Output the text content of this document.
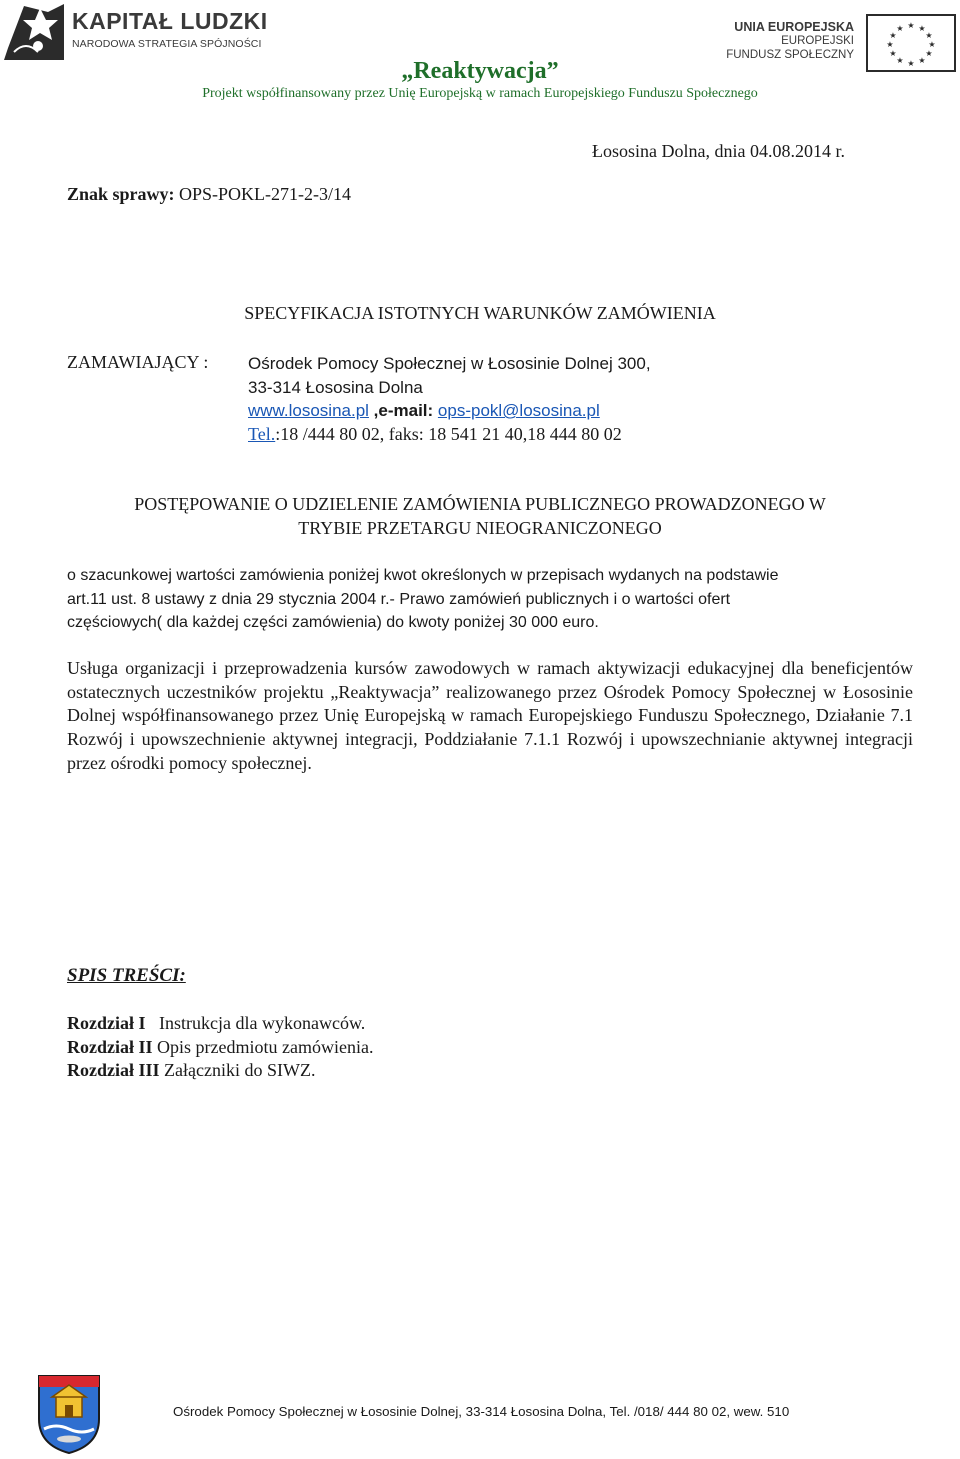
KAPITAŁ LUDZKI
NARODOWA STRATEGIA SPÓJNOŚCI
UNIA EUROPEJSKA
EUROPEJSKI
FUNDUSZ SPOŁECZNY
★ ★
★
★
★
★
★
★
★
★
★
★
„Reaktywacja”
Projekt współfinansowany przez Unię Europejską w ramach Europejskiego Funduszu Społecznego
Łososina Dolna, dnia 04.08.2014 r.
Znak sprawy: OPS-POKL-271-2-3/14
SPECYFIKACJA ISTOTNYCH WARUNKÓW ZAMÓWIENIA
ZAMAWIAJĄCY : Ośrodek Pomocy Społecznej w Łososinie Dolnej 300,
33-314 Łososina Dolna
www.lososina.pl ,e-mail: ops-pokl@lososina.pl
Tel.:18 /444 80 02, faks: 18 541 21 40,18 444 80 02
POSTĘPOWANIE O UDZIELENIE ZAMÓWIENIA PUBLICZNEGO PROWADZONEGO W
TRYBIE PRZETARGU NIEOGRANICZONEGO
o szacunkowej wartości zamówienia poniżej kwot określonych w przepisach wydanych na podstawie
art.11 ust. 8 ustawy z dnia 29 stycznia 2004 r.- Prawo zamówień publicznych i o wartości ofert
częściowych( dla każdej części zamówienia) do kwoty poniżej 30 000 euro.
Usługa organizacji i przeprowadzenia kursów zawodowych w ramach aktywizacji edukacyjnej dla beneficjentów ostatecznych uczestników projektu „Reaktywacja” realizowanego przez Ośrodek Pomocy Społecznej w Łososinie Dolnej współfinansowanego przez Unię Europejską w ramach Europejskiego Funduszu Społecznego, Działanie 7.1 Rozwój i upowszechnienie aktywnej integracji, Poddziałanie 7.1.1 Rozwój i upowszechnianie aktywnej integracji przez ośrodki pomocy społecznej.
SPIS TREŚCI:
Rozdział I   Instrukcja dla wykonawców.
Rozdział II Opis przedmiotu zamówienia.
Rozdział III Załączniki do SIWZ.
Ośrodek Pomocy Społecznej w Łososinie Dolnej, 33-314 Łososina Dolna, Tel. /018/ 444 80 02, wew. 510
